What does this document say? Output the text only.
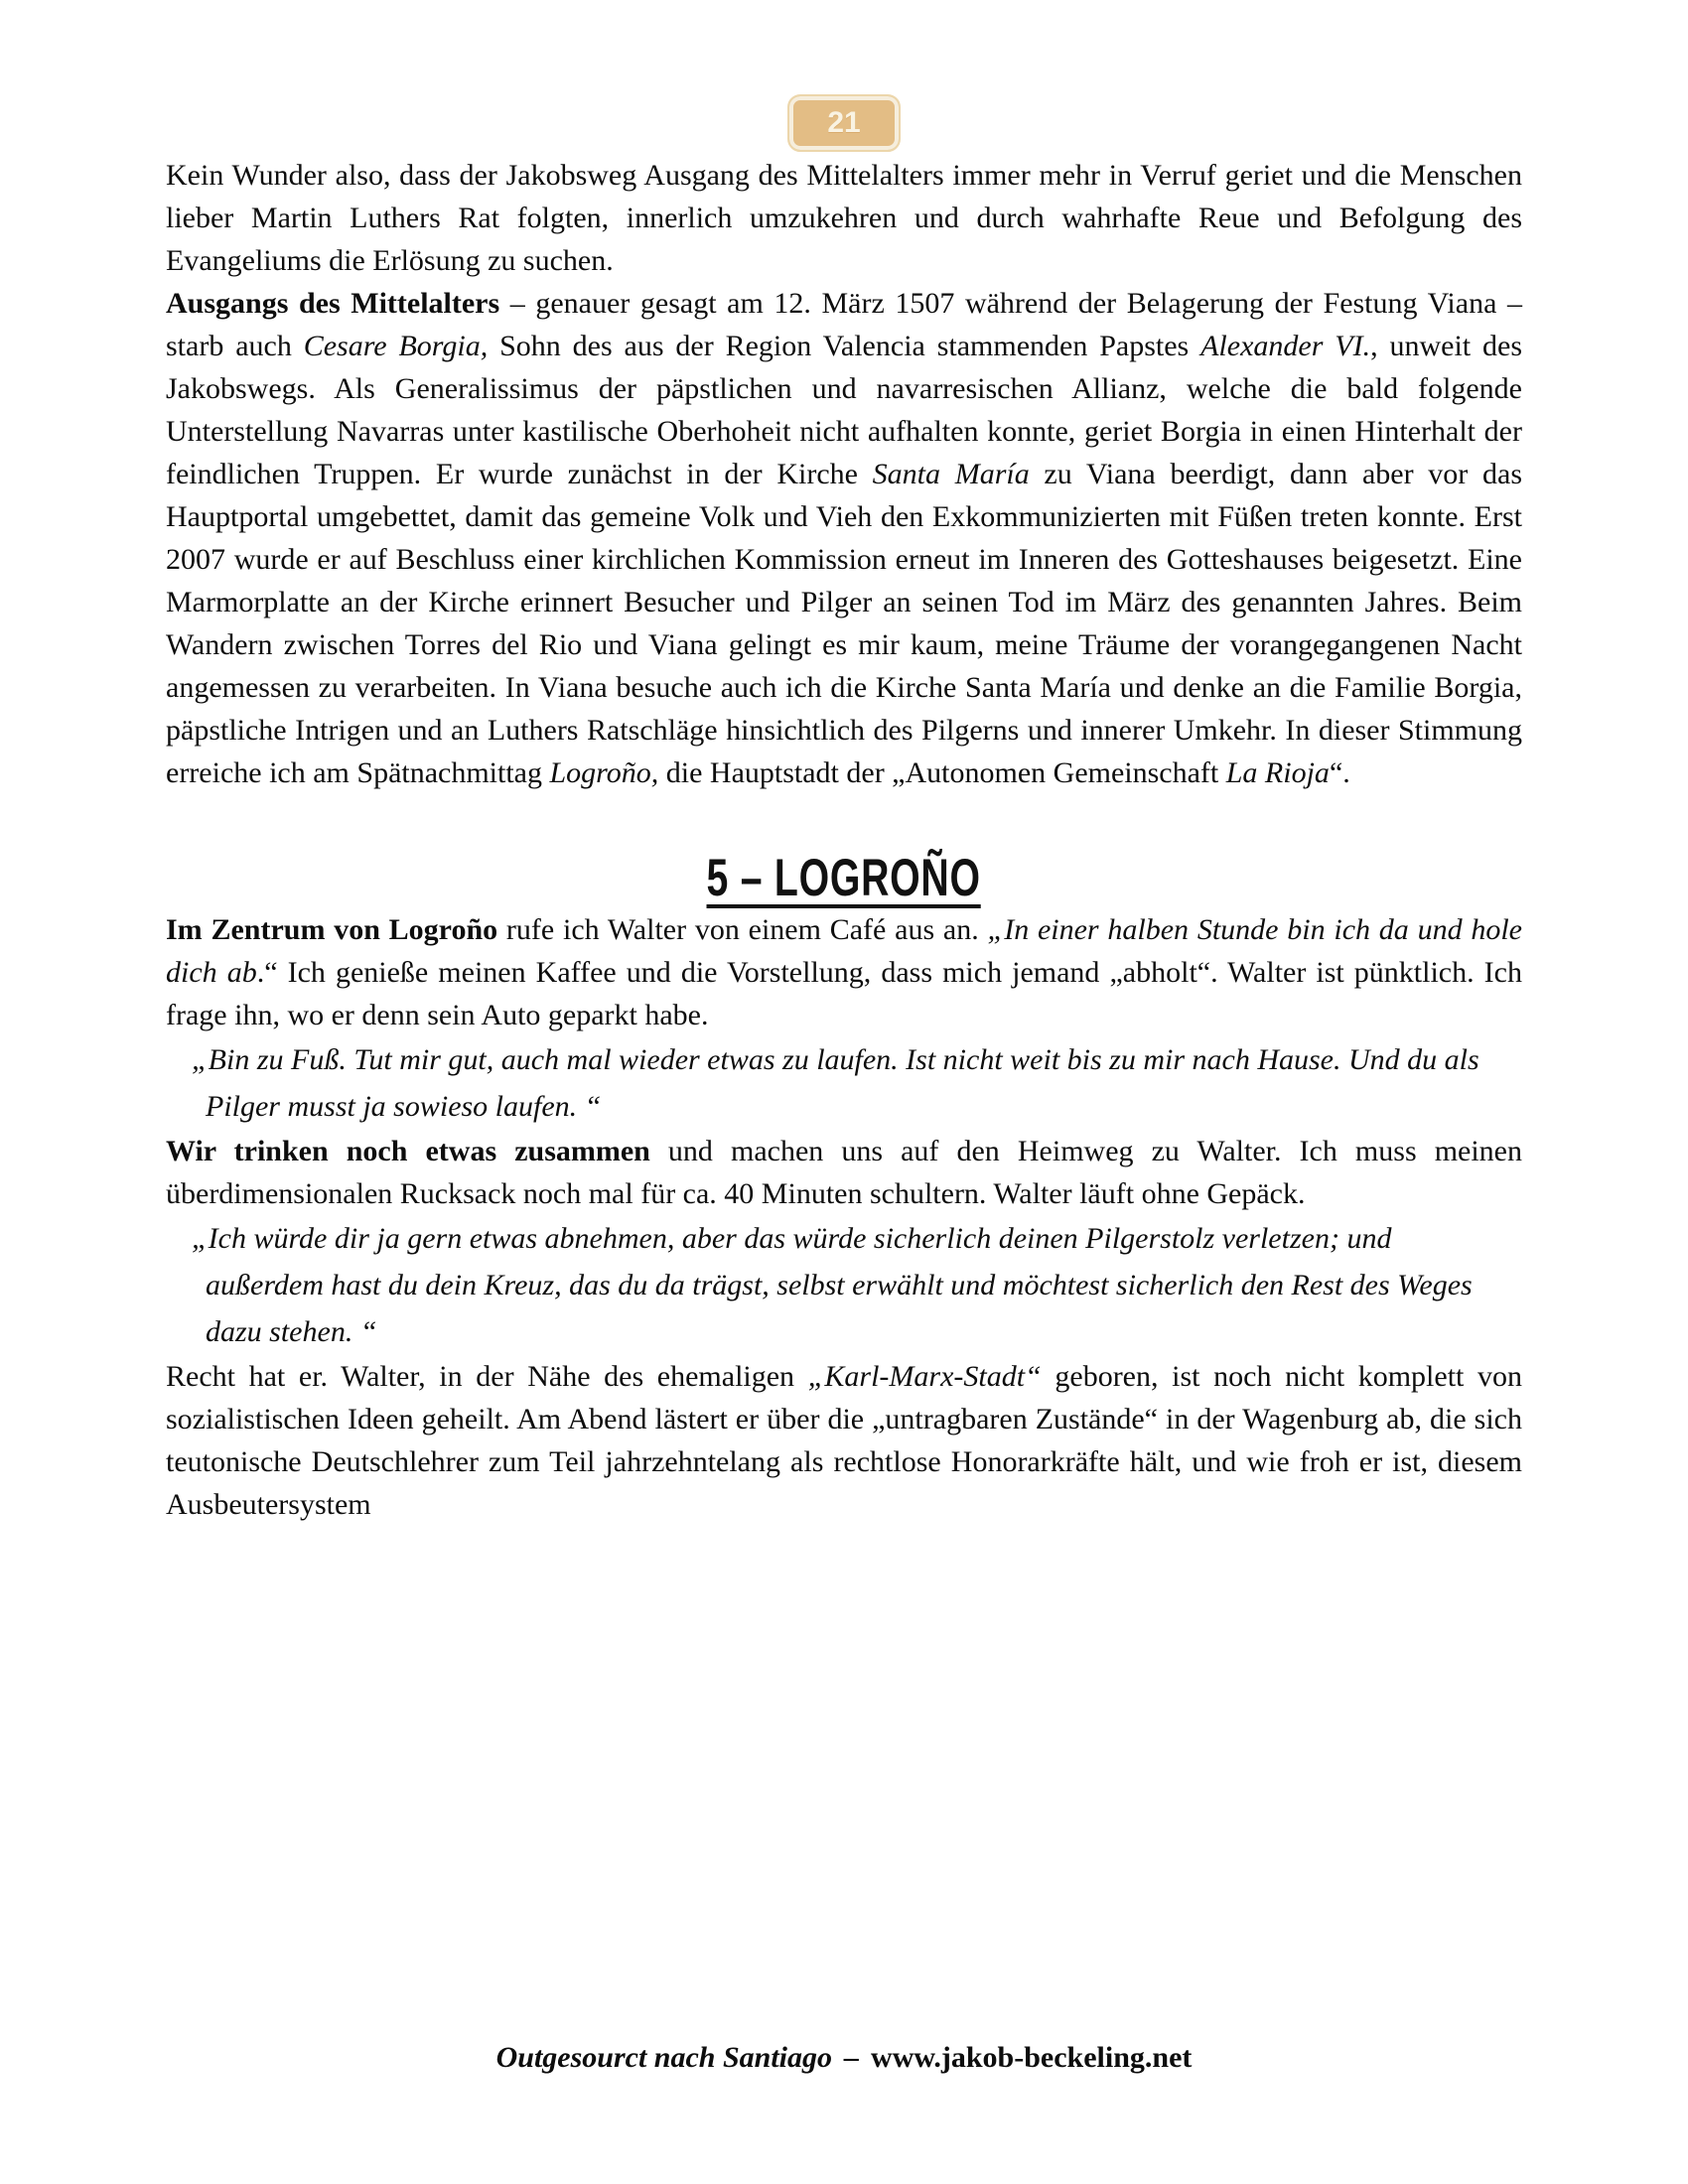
21

Kein Wunder also, dass der Jakobsweg Ausgang des Mittelalters immer mehr in Verruf geriet und die Menschen lieber Martin Luthers Rat folgten, innerlich umzukehren und durch wahrhafte Reue und Befolgung des Evangeliums die Erlösung zu suchen.

Ausgangs des Mittelalters – genauer gesagt am 12. März 1507 während der Belagerung der Festung Viana – starb auch Cesare Borgia, Sohn des aus der Region Valencia stammenden Papstes Alexander VI., unweit des Jakobswegs. Als Generalissimus der päpstlichen und navarresischen Allianz, welche die bald folgende Unterstellung Navarras unter kastilische Oberhoheit nicht aufhalten konnte, geriet Borgia in einen Hinterhalt der feindlichen Truppen. Er wurde zunächst in der Kirche Santa María zu Viana beerdigt, dann aber vor das Hauptportal umgebettet, damit das gemeine Volk und Vieh den Exkommunizierten mit Füßen treten konnte. Erst 2007 wurde er auf Beschluss einer kirchlichen Kommission erneut im Inneren des Gotteshauses beigesetzt. Eine Marmorplatte an der Kirche erinnert Besucher und Pilger an seinen Tod im März des genannten Jahres. Beim Wandern zwischen Torres del Rio und Viana gelingt es mir kaum, meine Träume der vorangegangenen Nacht angemessen zu verarbeiten. In Viana besuche auch ich die Kirche Santa María und denke an die Familie Borgia, päpstliche Intrigen und an Luthers Ratschläge hinsichtlich des Pilgerns und innerer Umkehr. In dieser Stimmung erreiche ich am Spätnachmittag Logroño, die Hauptstadt der „Autonomen Gemeinschaft La Rioja“.

5 – LOGROÑO

Im Zentrum von Logroño rufe ich Walter von einem Café aus an. „In einer halben Stunde bin ich da und hole dich ab.“ Ich genieße meinen Kaffee und die Vorstellung, dass mich jemand „abholt“. Walter ist pünktlich. Ich frage ihn, wo er denn sein Auto geparkt habe.

„Bin zu Fuß. Tut mir gut, auch mal wieder etwas zu laufen. Ist nicht weit bis zu mir nach Hause. Und du als Pilger musst ja sowieso laufen. “

Wir trinken noch etwas zusammen und machen uns auf den Heimweg zu Walter. Ich muss meinen überdimensionalen Rucksack noch mal für ca. 40 Minuten schultern. Walter läuft ohne Gepäck.

„Ich würde dir ja gern etwas abnehmen, aber das würde sicherlich deinen Pilgerstolz verletzen; und außerdem hast du dein Kreuz, das du da trägst, selbst erwählt und möchtest sicherlich den Rest des Weges dazu stehen. “

Recht hat er. Walter, in der Nähe des ehemaligen „Karl-Marx-Stadt“ geboren, ist noch nicht komplett von sozialistischen Ideen geheilt. Am Abend lästert er über die „untragbaren Zustände“ in der Wagenburg ab, die sich teutonische Deutschlehrer zum Teil jahrzehntelang als rechtlose Honorarkräfte hält, und wie froh er ist, diesem Ausbeutersystem

Outgesourct nach Santiago – www.jakob-beckeling.net
